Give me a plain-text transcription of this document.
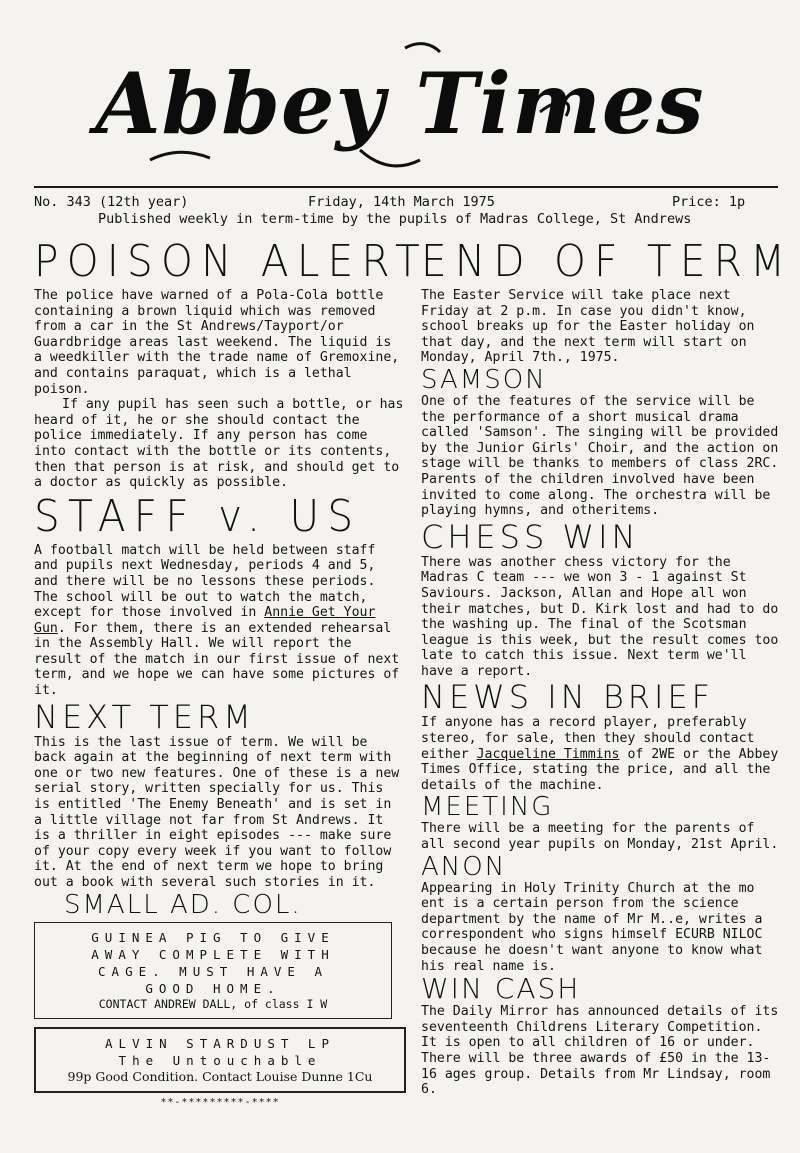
Abbey Times
No. 343 (12th year)	Friday, 14th March 1975	Price: 1p
Published weekly in term-time by the pupils of Madras College, St Andrews
POISON ALERT

The police have warned of a Pola-Cola bottle containing a brown liquid which was removed from a car in the St Andrews/Tayport/or Guardbridge areas last weekend. The liquid is a weedkiller with the trade name of Gremoxine, and contains paraquat, which is a lethal poison.

If any pupil has seen such a bottle, or has heard of it, he or she should contact the police immediately. If any person has come into contact with the bottle or its contents, then that person is at risk, and should get to a doctor as quickly as possible.

STAFF v. US

A football match will be held between staff and pupils next Wednesday, periods 4 and 5, and there will be no lessons these periods. The school will be out to watch the match, except for those involved in Annie Get Your Gun. For them, there is an extended rehearsal in the Assembly Hall. We will report the result of the match in our first issue of next term, and we hope we can have some pictures of it.

NEXT TERM

This is the last issue of term. We will be back again at the beginning of next term with one or two new features. One of these is a new serial story, written specially for us. This is entitled 'The Enemy Beneath' and is set in a little village not far from St Andrews. It is a thriller in eight episodes --- make sure of your copy every week if you want to follow it. At the end of next term we hope to bring out a book with several such stories in it.

SMALL AD. COL.
GUINEA PIG TO GIVE
AWAY COMPLETE WITH
CAGE. MUST HAVE A
GOOD HOME.
CONTACT ANDREW DALL, of class I W
ALVIN STARDUST LP
The Untouchable
99p Good Condition. Contact Louise Dunne 1Cu
**-*********-****
END OF TERM

The Easter Service will take place next Friday at 2 p.m. In case you didn't know, school breaks up for the Easter holiday on that day, and the next term will start on Monday, April 7th., 1975.

SAMSON

One of the features of the service will be the performance of a short musical drama called 'Samson'. The singing will be provided by the Junior Girls' Choir, and the action on stage will be thanks to members of class 2RC. Parents of the children involved have been invited to come along. The orchestra will be playing hymns, and otheritems.

CHESS WIN

There was another chess victory for the Madras C team --- we won 3 - 1 against St Saviours. Jackson, Allan and Hope all won their matches, but D. Kirk lost and had to do the washing up. The final of the Scotsman league is this week, but the result comes too late to catch this issue. Next term we'll have a report.

NEWS IN BRIEF

If anyone has a record player, preferably stereo, for sale, then they should contact either Jacqueline Timmins of 2WE or the Abbey Times Office, stating the price, and all the details of the machine.

MEETING

There will be a meeting for the parents of all second year pupils on Monday, 21st April.

ANON

Appearing in Holy Trinity Church at the mo ent is a certain person from the science department by the name of Mr M..e, writes a correspondent who signs himself ECURB NILOC because he doesn't want anyone to know what his real name is.

WIN CASH

The Daily Mirror has announced details of its seventeenth Childrens Literary Competition. It is open to all children of 16 or under. There will be three awards of £50 in the 13-16 ages group. Details from Mr Lindsay, room 6.
